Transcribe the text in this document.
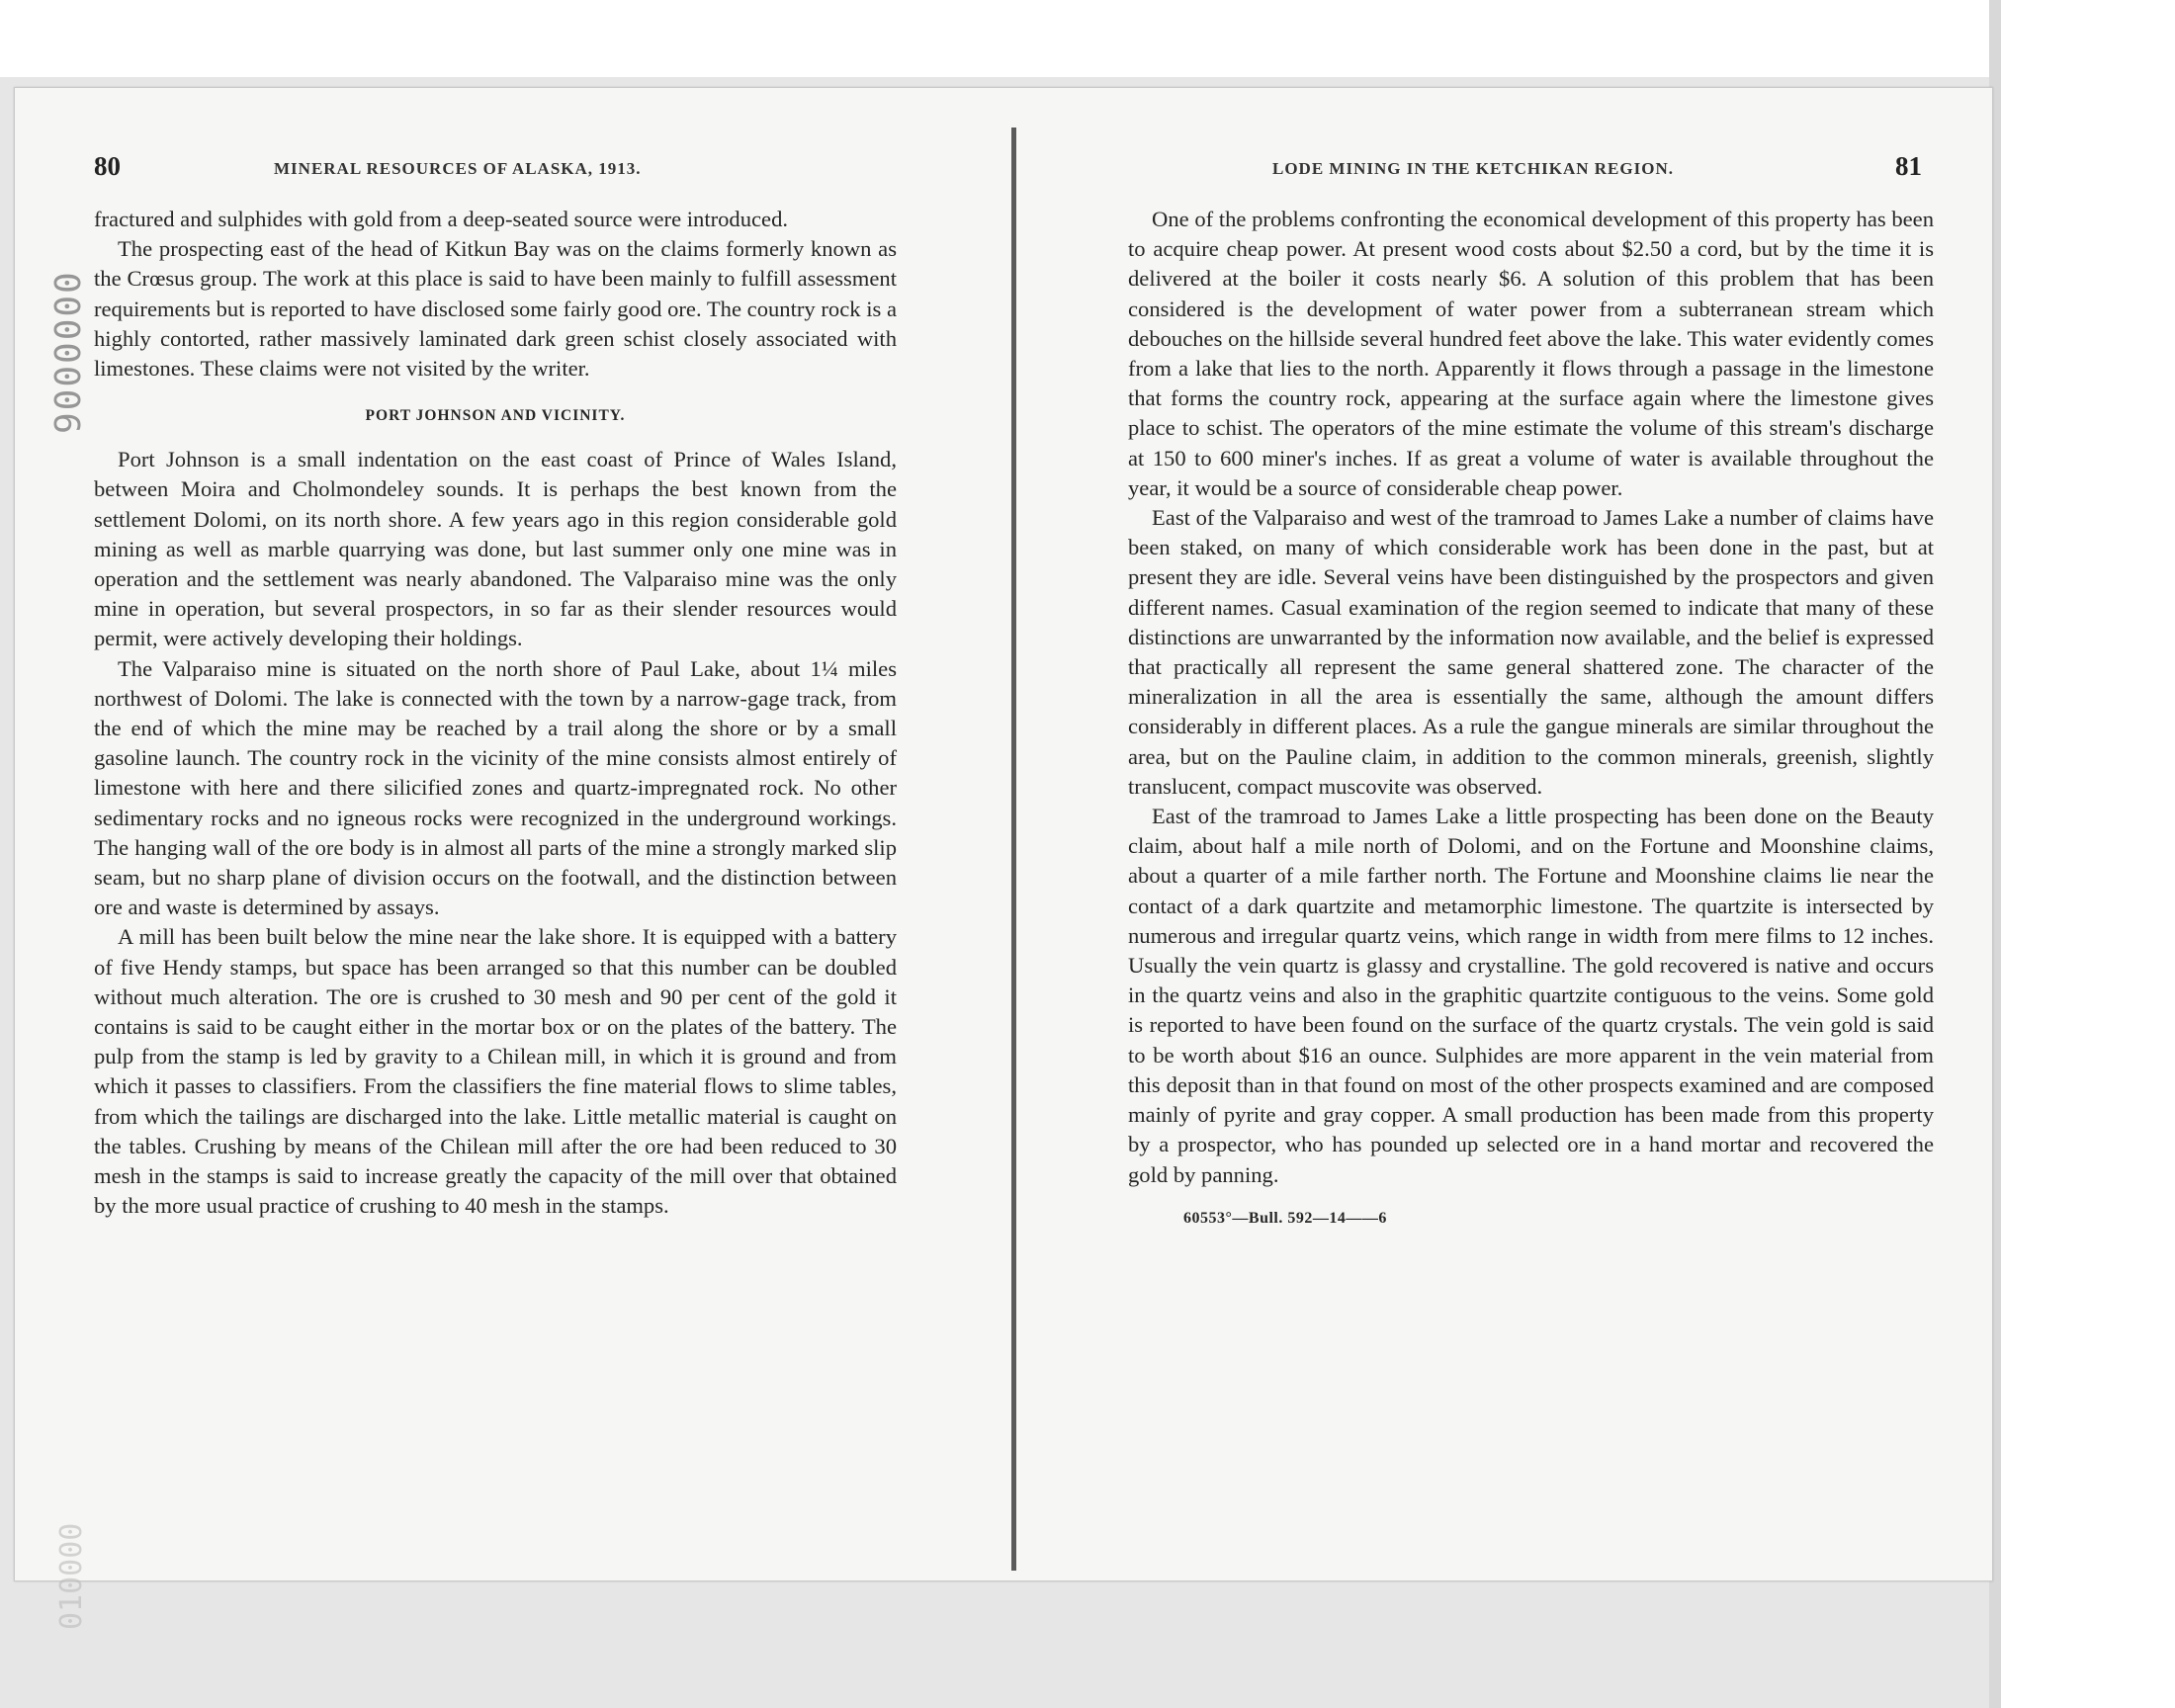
9000000
010000
80	MINERAL RESOURCES OF ALASKA, 1913.

fractured and sulphides with gold from a deep-seated source were introduced.

The prospecting east of the head of Kitkun Bay was on the claims formerly known as the Crœsus group. The work at this place is said to have been mainly to fulfill assessment requirements but is reported to have disclosed some fairly good ore. The country rock is a highly contorted, rather massively laminated dark green schist closely associated with limestones. These claims were not visited by the writer.

PORT JOHNSON AND VICINITY.

Port Johnson is a small indentation on the east coast of Prince of Wales Island, between Moira and Cholmondeley sounds. It is perhaps the best known from the settlement Dolomi, on its north shore. A few years ago in this region considerable gold mining as well as marble quarrying was done, but last summer only one mine was in operation and the settlement was nearly abandoned. The Valparaiso mine was the only mine in operation, but several prospectors, in so far as their slender resources would permit, were actively developing their holdings.

The Valparaiso mine is situated on the north shore of Paul Lake, about 1¼ miles northwest of Dolomi. The lake is connected with the town by a narrow-gage track, from the end of which the mine may be reached by a trail along the shore or by a small gasoline launch. The country rock in the vicinity of the mine consists almost entirely of limestone with here and there silicified zones and quartz-impregnated rock. No other sedimentary rocks and no igneous rocks were recognized in the underground workings. The hanging wall of the ore body is in almost all parts of the mine a strongly marked slip seam, but no sharp plane of division occurs on the footwall, and the distinction between ore and waste is determined by assays.

A mill has been built below the mine near the lake shore. It is equipped with a battery of five Hendy stamps, but space has been arranged so that this number can be doubled without much alteration. The ore is crushed to 30 mesh and 90 per cent of the gold it contains is said to be caught either in the mortar box or on the plates of the battery. The pulp from the stamp is led by gravity to a Chilean mill, in which it is ground and from which it passes to classifiers. From the classifiers the fine material flows to slime tables, from which the tailings are discharged into the lake. Little metallic material is caught on the tables. Crushing by means of the Chilean mill after the ore had been reduced to 30 mesh in the stamps is said to increase greatly the capacity of the mill over that obtained by the more usual practice of crushing to 40 mesh in the stamps.

LODE MINING IN THE KETCHIKAN REGION.	81

One of the problems confronting the economical development of this property has been to acquire cheap power. At present wood costs about $2.50 a cord, but by the time it is delivered at the boiler it costs nearly $6. A solution of this problem that has been considered is the development of water power from a subterranean stream which debouches on the hillside several hundred feet above the lake. This water evidently comes from a lake that lies to the north. Apparently it flows through a passage in the limestone that forms the country rock, appearing at the surface again where the limestone gives place to schist. The operators of the mine estimate the volume of this stream's discharge at 150 to 600 miner's inches. If as great a volume of water is available throughout the year, it would be a source of considerable cheap power.

East of the Valparaiso and west of the tramroad to James Lake a number of claims have been staked, on many of which considerable work has been done in the past, but at present they are idle. Several veins have been distinguished by the prospectors and given different names. Casual examination of the region seemed to indicate that many of these distinctions are unwarranted by the information now available, and the belief is expressed that practically all represent the same general shattered zone. The character of the mineralization in all the area is essentially the same, although the amount differs considerably in different places. As a rule the gangue minerals are similar throughout the area, but on the Pauline claim, in addition to the common minerals, greenish, slightly translucent, compact muscovite was observed.

East of the tramroad to James Lake a little prospecting has been done on the Beauty claim, about half a mile north of Dolomi, and on the Fortune and Moonshine claims, about a quarter of a mile farther north. The Fortune and Moonshine claims lie near the contact of a dark quartzite and metamorphic limestone. The quartzite is intersected by numerous and irregular quartz veins, which range in width from mere films to 12 inches. Usually the vein quartz is glassy and crystalline. The gold recovered is native and occurs in the quartz veins and also in the graphitic quartzite contiguous to the veins. Some gold is reported to have been found on the surface of the quartz crystals. The vein gold is said to be worth about $16 an ounce. Sulphides are more apparent in the vein material from this deposit than in that found on most of the other prospects examined and are composed mainly of pyrite and gray copper. A small production has been made from this property by a prospector, who has pounded up selected ore in a hand mortar and recovered the gold by panning.

60553°—Bull. 592—14——6
